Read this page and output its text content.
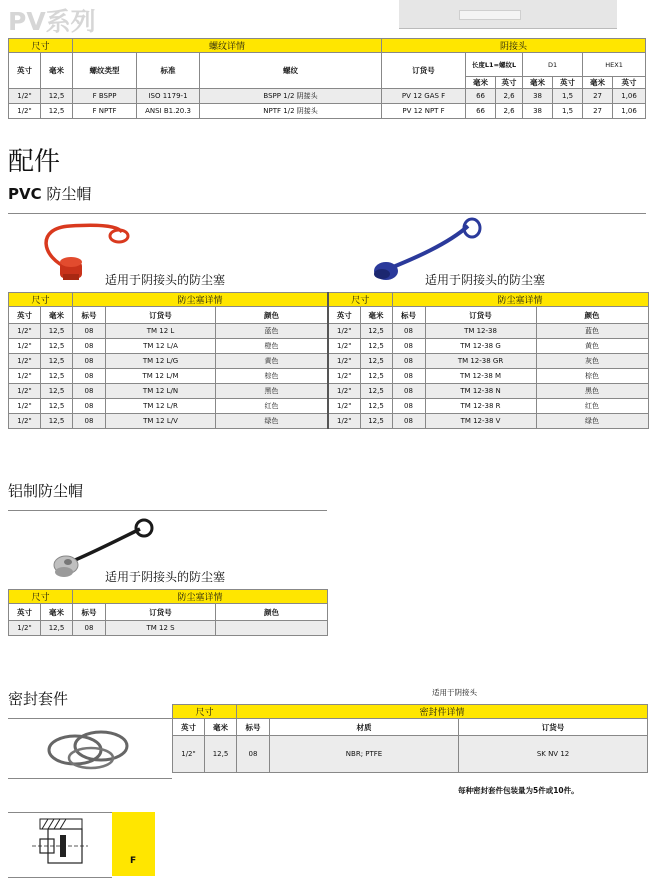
PV系列
尺寸		螺纹详情			阴接头						
英寸	毫米	螺纹类型	标准	螺纹	订货号	长度L1=螺纹L		D1		HEX1	
						毫米	英寸	毫米	英寸	毫米	英寸
1/2"	12,5	F BSPP	ISO 1179-1	BSPP 1/2 阴接头	PV 12 GAS F	66	2,6	38	1,5	27	1,06
1/2"	12,5	F NPTF	ANSI B1.20.3	NPTF 1/2 阴接头	PV 12 NPT F	66	2,6	38	1,5	27	1,06
配件
PVC 防尘帽
适用于阴接头的防尘塞	适用于阴接头的防尘塞
尺寸		防尘塞详情		
英寸	毫米	标号	订货号	颜色
1/2"	12,5	08	TM 12 L	蓝色
1/2"	12,5	08	TM 12 L/A	橙色
1/2"	12,5	08	TM 12 L/G	黄色
1/2"	12,5	08	TM 12 L/M	棕色
1/2"	12,5	08	TM 12 L/N	黑色
1/2"	12,5	08	TM 12 L/R	红色
1/2"	12,5	08	TM 12 L/V	绿色
尺寸		防尘塞详情		
英寸	毫米	标号	订货号	颜色
1/2"	12,5	08	TM 12-38	蓝色
1/2"	12,5	08	TM 12-38 G	黄色
1/2"	12,5	08	TM 12-38 GR	灰色
1/2"	12,5	08	TM 12-38 M	棕色
1/2"	12,5	08	TM 12-38 N	黑色
1/2"	12,5	08	TM 12-38 R	红色
1/2"	12,5	08	TM 12-38 V	绿色
铝制防尘帽
适用于阴接头的防尘塞
尺寸		防尘塞详情		
英寸	毫米	标号	订货号	颜色
1/2"	12,5	08	TM 12 S	
密封套件	适用于阴接头
尺寸		密封件详情		
英寸	毫米	标号	材质	订货号
1/2"	12,5	08	NBR; PTFE	SK NV 12
每种密封套件包装量为5件或10件。
F
